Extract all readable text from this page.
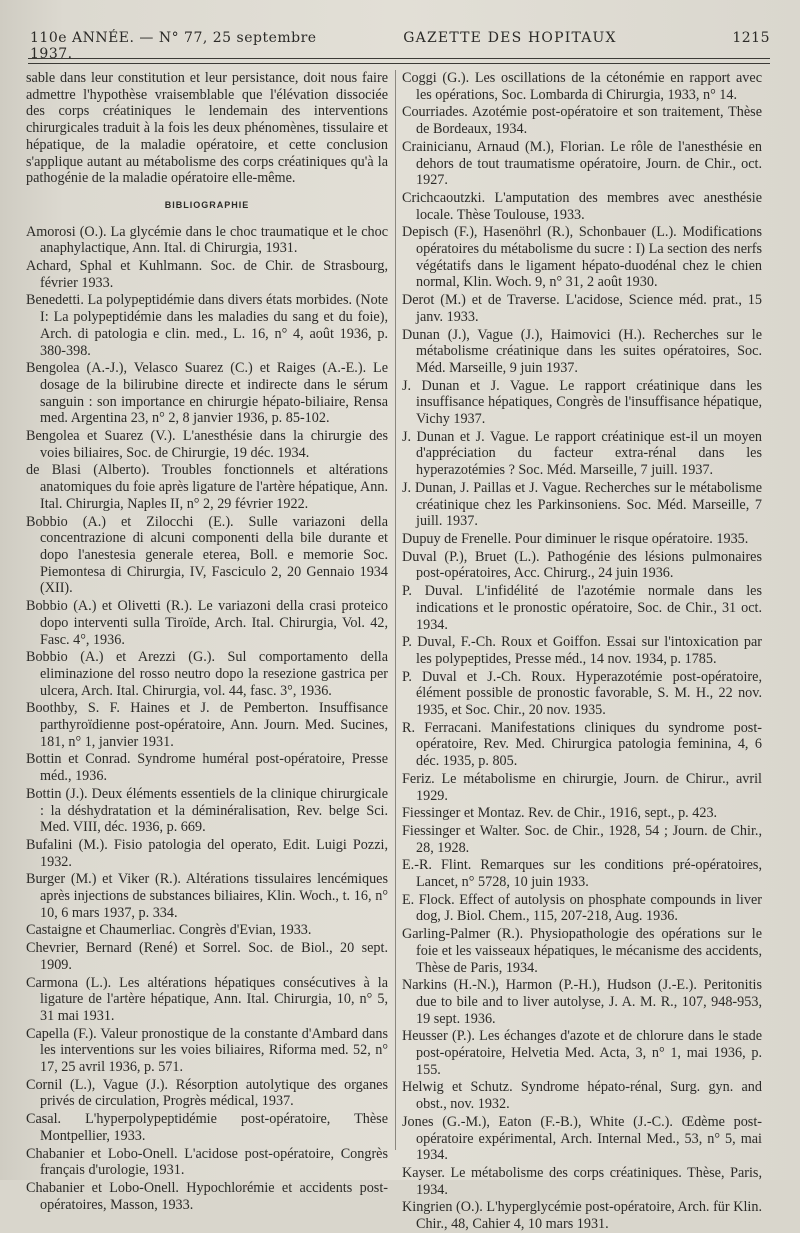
110e ANNÉE. — N° 77, 25 septembre 1937.
GAZETTE DES HOPITAUX	1215

sable dans leur constitution et leur persistance, doit nous faire admettre l'hypothèse vraisemblable que l'élévation dissociée des corps créatiniques le lendemain des interventions chirurgicales traduit à la fois les deux phénomènes, tissulaire et hépatique, de la maladie opératoire, et cette conclusion s'applique autant au métabolisme des corps créatiniques qu'à la pathogénie de la maladie opératoire elle-même.

BIBLIOGRAPHIE

Amorosi (O.). La glycémie dans le choc traumatique et le choc anaphylactique, Ann. Ital. di Chirurgia, 1931.

Achard, Sphal et Kuhlmann. Soc. de Chir. de Strasbourg, février 1933.

Benedetti. La polypeptidémie dans divers états morbides. (Note I: La polypeptidémie dans les maladies du sang et du foie), Arch. di patologia e clin. med., L. 16, n° 4, août 1936, p. 380-398.

Bengolea (A.-J.), Velasco Suarez (C.) et Raiges (A.-E.). Le dosage de la bilirubine directe et indirecte dans le sérum sanguin : son importance en chirurgie hépato-biliaire, Rensa med. Argentina 23, n° 2, 8 janvier 1936, p. 85-102.

Bengolea et Suarez (V.). L'anesthésie dans la chirurgie des voies biliaires, Soc. de Chirurgie, 19 déc. 1934.

de Blasi (Alberto). Troubles fonctionnels et altérations anatomiques du foie après ligature de l'artère hépatique, Ann. Ital. Chirurgia, Naples II, n° 2, 29 février 1922.

Bobbio (A.) et Zilocchi (E.). Sulle variazoni della concentrazione di alcuni componenti della bile durante et dopo l'anestesia generale eterea, Boll. e memorie Soc. Piemontesa di Chirurgia, IV, Fasciculo 2, 20 Gennaio 1934 (XII).

Bobbio (A.) et Olivetti (R.). Le variazoni della crasi proteico dopo interventi sulla Tiroïde, Arch. Ital. Chirurgia, Vol. 42, Fasc. 4°, 1936.

Bobbio (A.) et Arezzi (G.). Sul comportamento della eliminazione del rosso neutro dopo la resezione gastrica per ulcera, Arch. Ital. Chirurgia, vol. 44, fasc. 3°, 1936.

Boothby, S. F. Haines et J. de Pemberton. Insuffisance parthyroïdienne post-opératoire, Ann. Journ. Med. Sucines, 181, n° 1, janvier 1931.

Bottin et Conrad. Syndrome huméral post-opératoire, Presse méd., 1936.

Bottin (J.). Deux éléments essentiels de la clinique chirurgicale : la déshydratation et la déminéralisation, Rev. belge Sci. Med. VIII, déc. 1936, p. 669.

Bufalini (M.). Fisio patologia del operato, Edit. Luigi Pozzi, 1932.

Burger (M.) et Viker (R.). Altérations tissulaires lencémiques après injections de substances biliaires, Klin. Woch., t. 16, n° 10, 6 mars 1937, p. 334.

Castaigne et Chaumerliac. Congrès d'Evian, 1933.

Chevrier, Bernard (René) et Sorrel. Soc. de Biol., 20 sept. 1909.

Carmona (L.). Les altérations hépatiques consécutives à la ligature de l'artère hépatique, Ann. Ital. Chirurgia, 10, n° 5, 31 mai 1931.

Capella (F.). Valeur pronostique de la constante d'Ambard dans les interventions sur les voies biliaires, Riforma med. 52, n° 17, 25 avril 1936, p. 571.

Cornil (L.), Vague (J.). Résorption autolytique des organes privés de circulation, Progrès médical, 1937.

Casal. L'hyperpolypeptidémie post-opératoire, Thèse Montpellier, 1933.

Chabanier et Lobo-Onell. L'acidose post-opératoire, Congrès français d'urologie, 1931.

Chabanier et Lobo-Onell. Hypochlorémie et accidents post-opératoires, Masson, 1933.

Coggi (G.). Les oscillations de la cétonémie en rapport avec les opérations, Soc. Lombarda di Chirurgia, 1933, n° 14.

Courriades. Azotémie post-opératoire et son traitement, Thèse de Bordeaux, 1934.

Crainicianu, Arnaud (M.), Florian. Le rôle de l'anesthésie en dehors de tout traumatisme opératoire, Journ. de Chir., oct. 1927.

Crichcaoutzki. L'amputation des membres avec anesthésie locale. Thèse Toulouse, 1933.

Depisch (F.), Hasenöhrl (R.), Schonbauer (L.). Modifications opératoires du métabolisme du sucre : I) La section des nerfs végétatifs dans le ligament hépato-duodénal chez le chien normal, Klin. Woch. 9, n° 31, 2 août 1930.

Derot (M.) et de Traverse. L'acidose, Science méd. prat., 15 janv. 1933.

Dunan (J.), Vague (J.), Haimovici (H.). Recherches sur le métabolisme créatinique dans les suites opératoires, Soc. Méd. Marseille, 9 juin 1937.

J. Dunan et J. Vague. Le rapport créatinique dans les insuffisance hépatiques, Congrès de l'insuffisance hépatique, Vichy 1937.

J. Dunan et J. Vague. Le rapport créatinique est-il un moyen d'appréciation du facteur extra-rénal dans les hyperazotémies ? Soc. Méd. Marseille, 7 juill. 1937.

J. Dunan, J. Paillas et J. Vague. Recherches sur le métabolisme créatinique chez les Parkinsoniens. Soc. Méd. Marseille, 7 juill. 1937.

Dupuy de Frenelle. Pour diminuer le risque opératoire. 1935.

Duval (P.), Bruet (L.). Pathogénie des lésions pulmonaires post-opératoires, Acc. Chirurg., 24 juin 1936.

P. Duval. L'infidélité de l'azotémie normale dans les indications et le pronostic opératoire, Soc. de Chir., 31 oct. 1934.

P. Duval, F.-Ch. Roux et Goiffon. Essai sur l'intoxication par les polypeptides, Presse méd., 14 nov. 1934, p. 1785.

P. Duval et J.-Ch. Roux. Hyperazotémie post-opératoire, élément possible de pronostic favorable, S. M. H., 22 nov. 1935, et Soc. Chir., 20 nov. 1935.

R. Ferracani. Manifestations cliniques du syndrome post-opératoire, Rev. Med. Chirurgica patologia feminina, 4, 6 déc. 1935, p. 805.

Feriz. Le métabolisme en chirurgie, Journ. de Chirur., avril 1929.

Fiessinger et Montaz. Rev. de Chir., 1916, sept., p. 423.

Fiessinger et Walter. Soc. de Chir., 1928, 54 ; Journ. de Chir., 28, 1928.

E.-R. Flint. Remarques sur les conditions pré-opératoires, Lancet, n° 5728, 10 juin 1933.

E. Flock. Effect of autolysis on phosphate compounds in liver dog, J. Biol. Chem., 115, 207-218, Aug. 1936.

Garling-Palmer (R.). Physiopathologie des opérations sur le foie et les vaisseaux hépatiques, le mécanisme des accidents, Thèse de Paris, 1934.

Narkins (H.-N.), Harmon (P.-H.), Hudson (J.-E.). Peritonitis due to bile and to liver autolyse, J. A. M. R., 107, 948-953, 19 sept. 1936.

Heusser (P.). Les échanges d'azote et de chlorure dans le stade post-opératoire, Helvetia Med. Acta, 3, n° 1, mai 1936, p. 155.

Helwig et Schutz. Syndrome hépato-rénal, Surg. gyn. and obst., nov. 1932.

Jones (G.-M.), Eaton (F.-B.), White (J.-C.). Œdème post-opératoire expérimental, Arch. Internal Med., 53, n° 5, mai 1934.

Kayser. Le métabolisme des corps créatiniques. Thèse, Paris, 1934.

Kingrien (O.). L'hyperglycémie post-opératoire, Arch. für Klin. Chir., 48, Cahier 4, 10 mars 1931.
